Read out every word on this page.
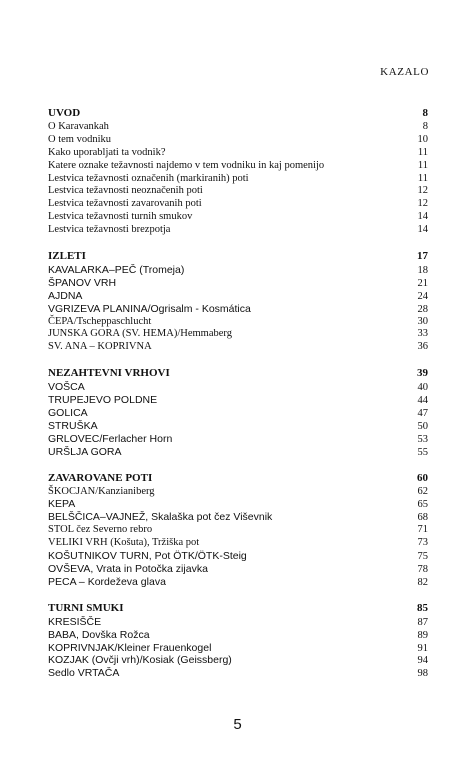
KAZALO
UVOD	8
O Karavankah	8
O tem vodniku	10
Kako uporabljati ta vodnik?	11
Katere oznake težavnosti najdemo v tem vodniku in kaj pomenijo	11
Lestvica težavnosti označenih (markiranih) poti	11
Lestvica težavnosti neoznačenih poti	12
Lestvica težavnosti zavarovanih poti	12
Lestvica težavnosti turnih smukov	14
Lestvica težavnosti brezpotja	14
IZLETI	17
KAVALARKA–PEČ (Tromeja)	18
ŠPANOV VRH	21
AJDNA	24
VGRIZEVA PLANINA/Ogrisalm - Kosmática	28
ČEPA/Tscheppaschlucht	30
JUNSKA GORA (SV. HEMA)/Hemmaberg	33
SV. ANA – KOPRIVNA	36
NEZAHTEVNI VRHOVI	39
VOŠCA	40
TRUPEJEVO POLDNE	44
GOLICA	47
STRUŠKA	50
GRLOVEC/Ferlacher Horn	53
URŠLJA GORA	55
ZAVAROVANE POTI	60
ŠKOCJAN/Kanzianiberg	62
KEPA	65
BELŠČICA–VAJNEŽ, Skalaška pot čez Viševnik	68
STOL čez Severno rebro	71
VELIKI VRH (Košuta), Tržiška pot	73
KOŠUTNIKOV TURN, Pot ÖTK/ÖTK-Steig	75
OVŠEVA, Vrata in Potočka zijavka	78
PECA – Kordeževa glava	82
TURNI SMUKI	85
KRESIŠČE	87
BABA, Dovška Rožca	89
KOPRIVNJAK/Kleiner Frauenkogel	91
KOZJAK (Ovčji vrh)/Kosiak (Geissberg)	94
Sedlo VRTAČA	98
5
